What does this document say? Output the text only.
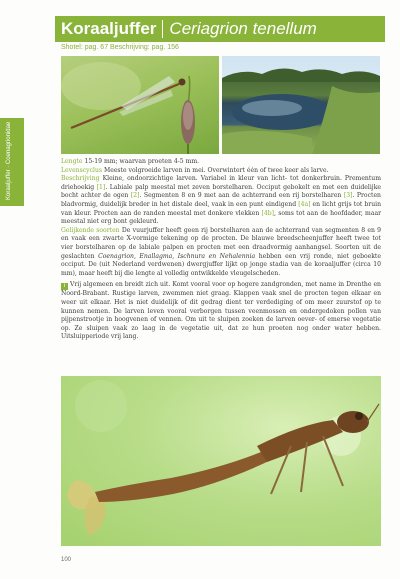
Koraaljuffer Ceriagrion tenellum
Shotel: pag. 67 Beschrijving: pag. 156
Koraaljuffer · Coenagrionidae	Lengte 15-19 mm; waarvan proeten 4-5 mm.

Levenscyclus Meeste volgroeide larven in mei. Overwintert één of twee keer als larve.

Beschrijving Kleine, ondoorzichtige larven. Variabel in kleur van licht- tot donkerbruin. Prementum driehoekig [1]. Labiale palp meestal met zeven borstelharen. Occiput gebokelt en met een duidelijke bocht achter de ogen [2]. Segmenten 8 en 9 met aan de achterrand een rij borstelharen [3]. Procten bladvormig, duidelijk breder in het distale deel, vaak in een punt eindigend [4a] en licht grijs tot bruin van kleur. Procten aan de randen meestal met donkere vlekken [4b], soms tot aan de hoofdader, maar meestal niet erg bont gekleurd.

Gelijkende soorten De vuurjuffer heeft geen rij borstelharen aan de achterrand van segmenten 8 en 9 en vaak een zwarte X-vormige tekening op de procten. De blauwe breedscheenjuffer heeft twee tot vier borstelharen op de labiale palpen en procten met een draadvormig aanhangsel. Soorten uit de geslachten Coenagrion, Enallagma, Ischnura en Nehalennia hebben een vrij ronde, niet geboekte occiput. De (uit Nederland verdwenen) dwergjuffer lijkt op jonge stadia van de koraaljuffer (circa 10 mm), maar heeft bij die lengte al volledig ontwikkelde vleugelscheden.

i Vrij algemeen en breidt zich uit. Komt vooral voor op hogere zandgronden, met name in Drenthe en Noord-Brabant. Rustige larven, zwemmen niet graag. Klappen vaak snel de procten tegen elkaar en weer uit elkaar. Het is niet duidelijk of dit gedrag dient ter verdediging of om meer zuurstof op te kunnen nemen. De larven leven vooral verborgen tussen veenmossen en ondergedoken pollen van pijpenstrootje in hoogvenen of vennen. Om uit te sluipen zoeken de larven oever- of emerse vegetatie op. Ze sluipen vaak zo laag in de vegetatie uit, dat ze hun proeten nog onder water hebben. Uitsluipperiode vrij lang.

100
